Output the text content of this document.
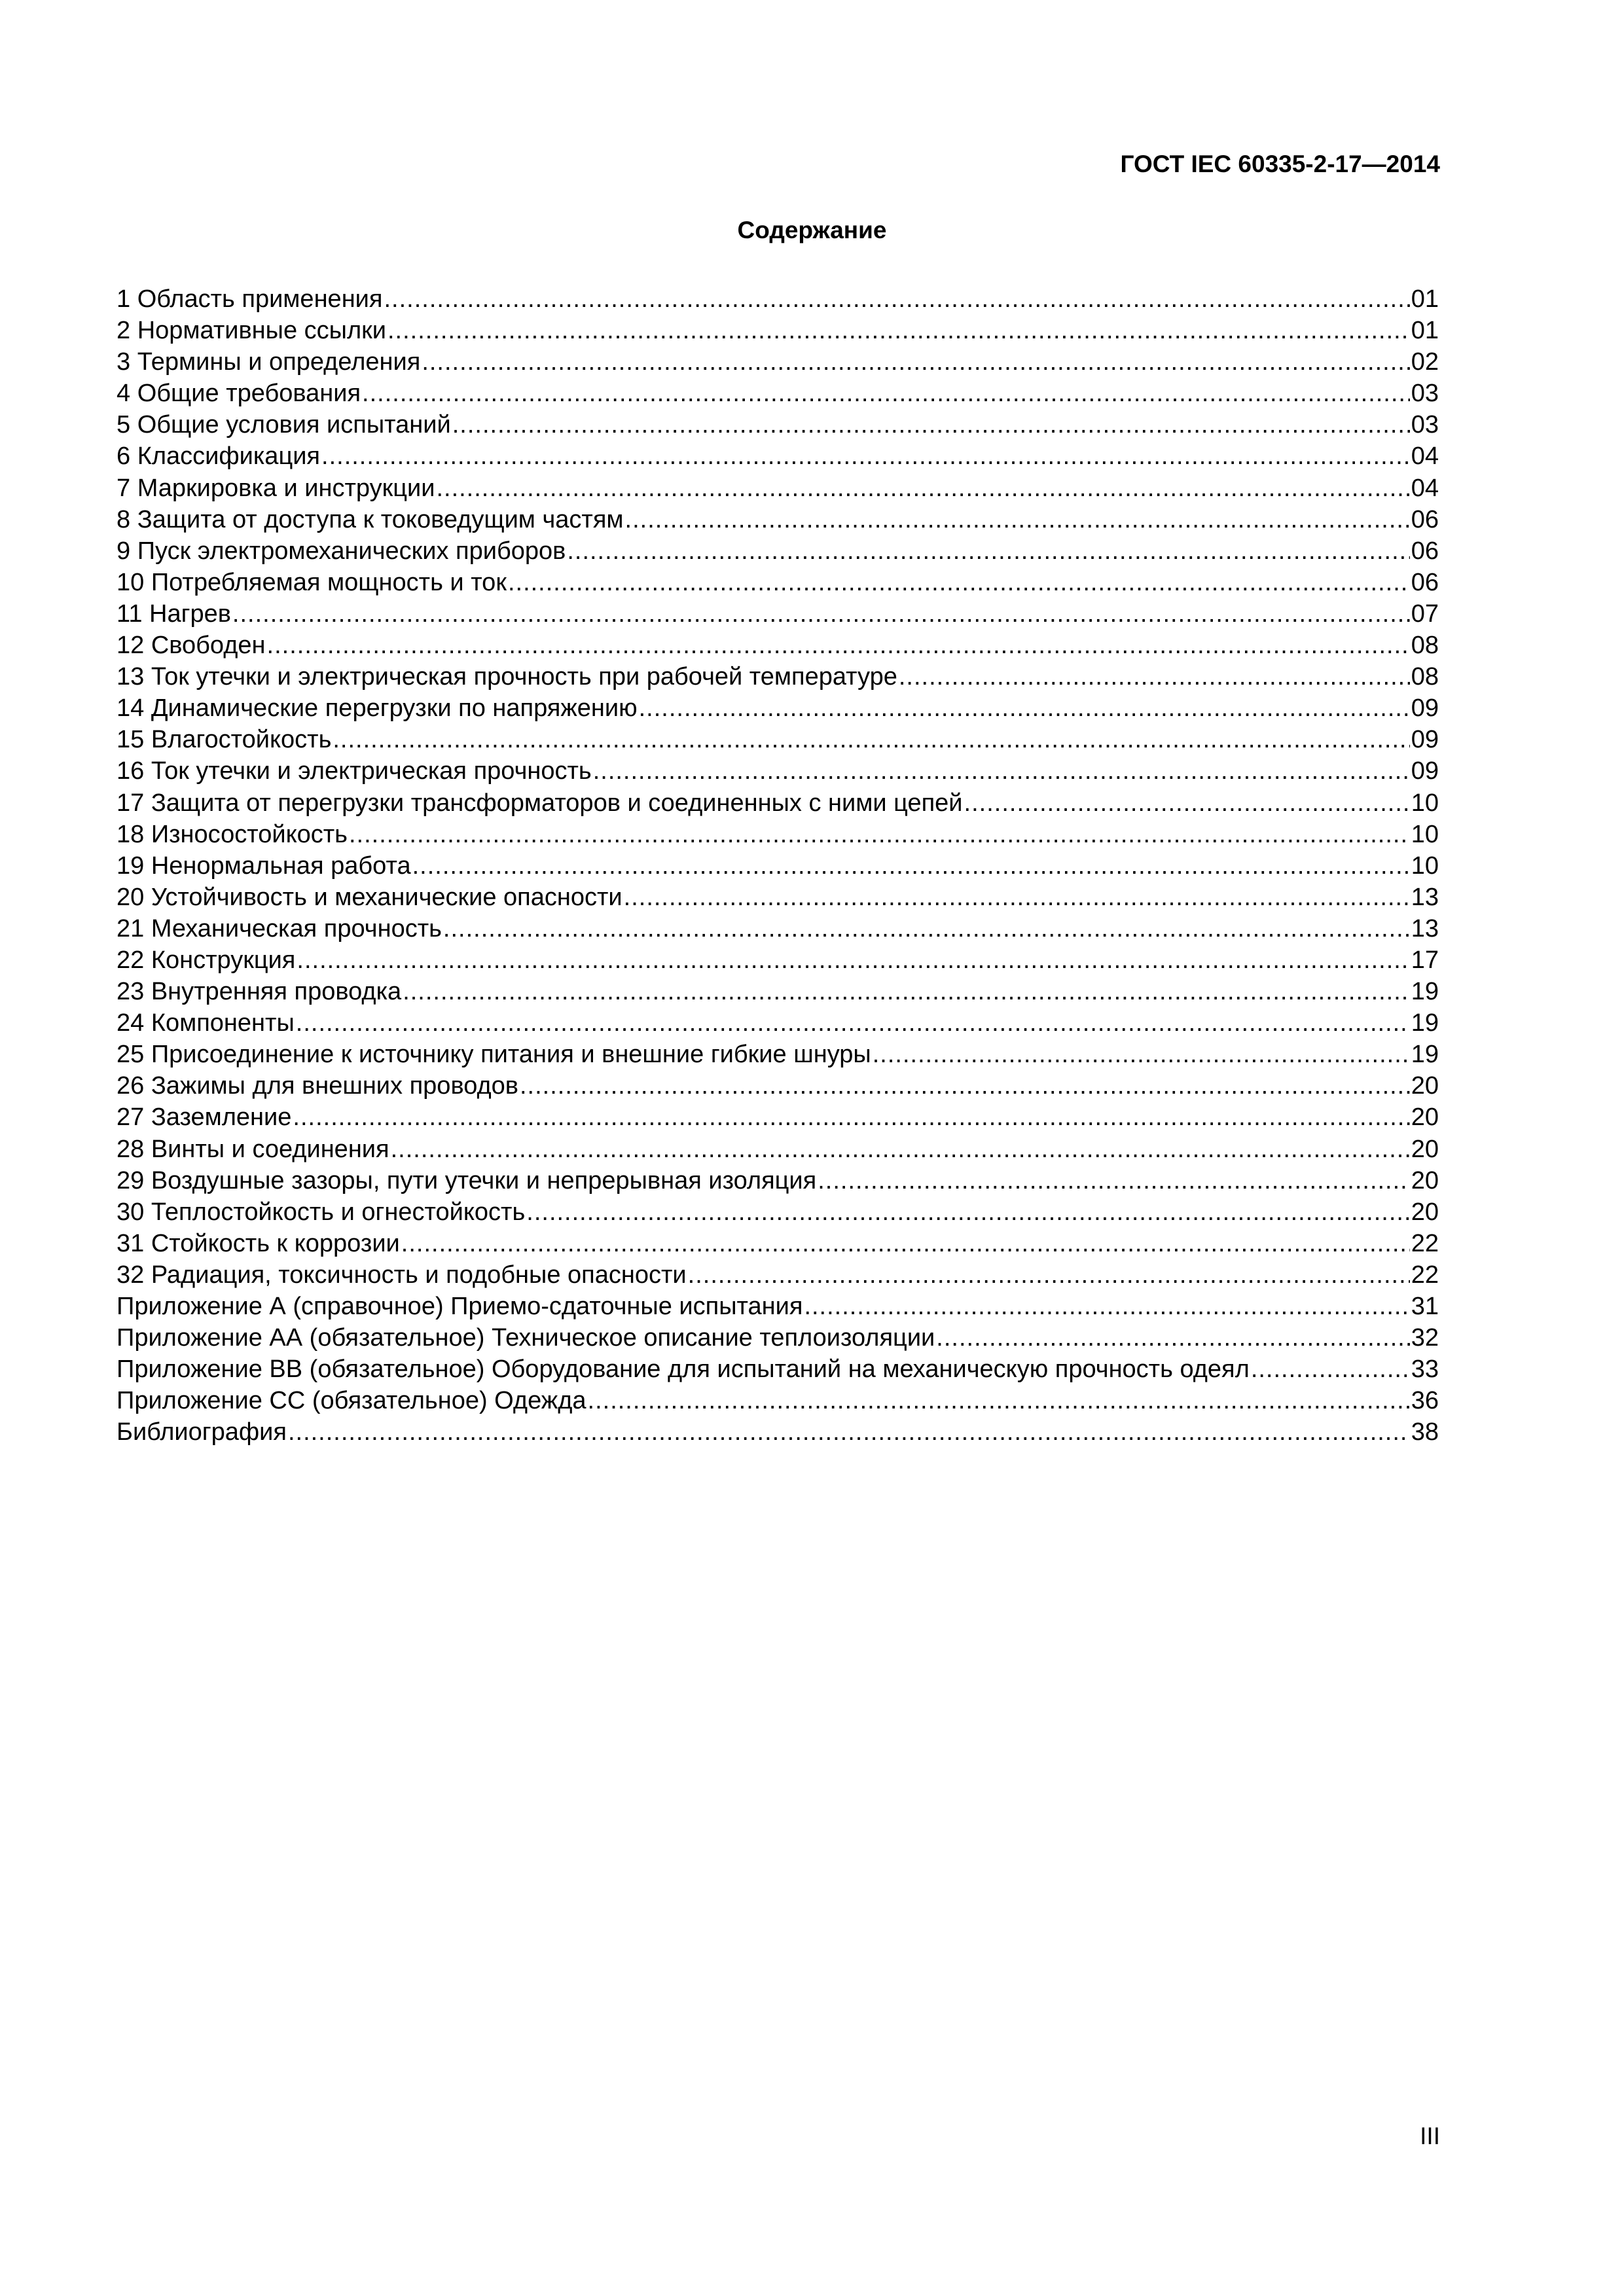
ГОСТ IEC 60335-2-17—2014
Содержание
1 Область применения .....	01
2 Нормативные ссылки .....	01
3 Термины и определения .....	02
4 Общие требования .....	03
5 Общие условия испытаний .....	03
6 Классификация .....	04
7 Маркировка и инструкции .....	04
8 Защита от доступа к токоведущим частям .....	06
9 Пуск электромеханических приборов .....	06
10 Потребляемая мощность и ток .....	06
11 Нагрев .....	07
12 Свободен .....	08
13 Ток утечки и электрическая прочность при рабочей температуре .....	08
14 Динамические перегрузки по напряжению .....	09
15 Влагостойкость .....	09
16 Ток утечки и электрическая прочность .....	09
17 Защита от перегрузки трансформаторов и соединенных с ними цепей .....	10
18 Износостойкость .....	10
19 Ненормальная работа .....	10
20 Устойчивость и механические опасности .....	13
21 Механическая прочность .....	13
22 Конструкция .....	17
23 Внутренняя проводка .....	19
24 Компоненты .....	19
25 Присоединение к источнику питания и внешние гибкие шнуры .....	19
26 Зажимы для внешних проводов .....	20
27 Заземление .....	20
28 Винты и соединения .....	20
29 Воздушные зазоры, пути утечки и непрерывная изоляция .....	20
30 Теплостойкость и огнестойкость .....	20
31 Стойкость к коррозии .....	22
32 Радиация, токсичность и подобные опасности .....	22
Приложение А (справочное) Приемо-сдаточные испытания .....	31
Приложение АА (обязательное) Техническое описание теплоизоляции .....	32
Приложение ВВ (обязательное) Оборудование для испытаний на механическую прочность одеял .....	33
Приложение СС (обязательное) Одежда .....	36
Библиография .....	38
III
